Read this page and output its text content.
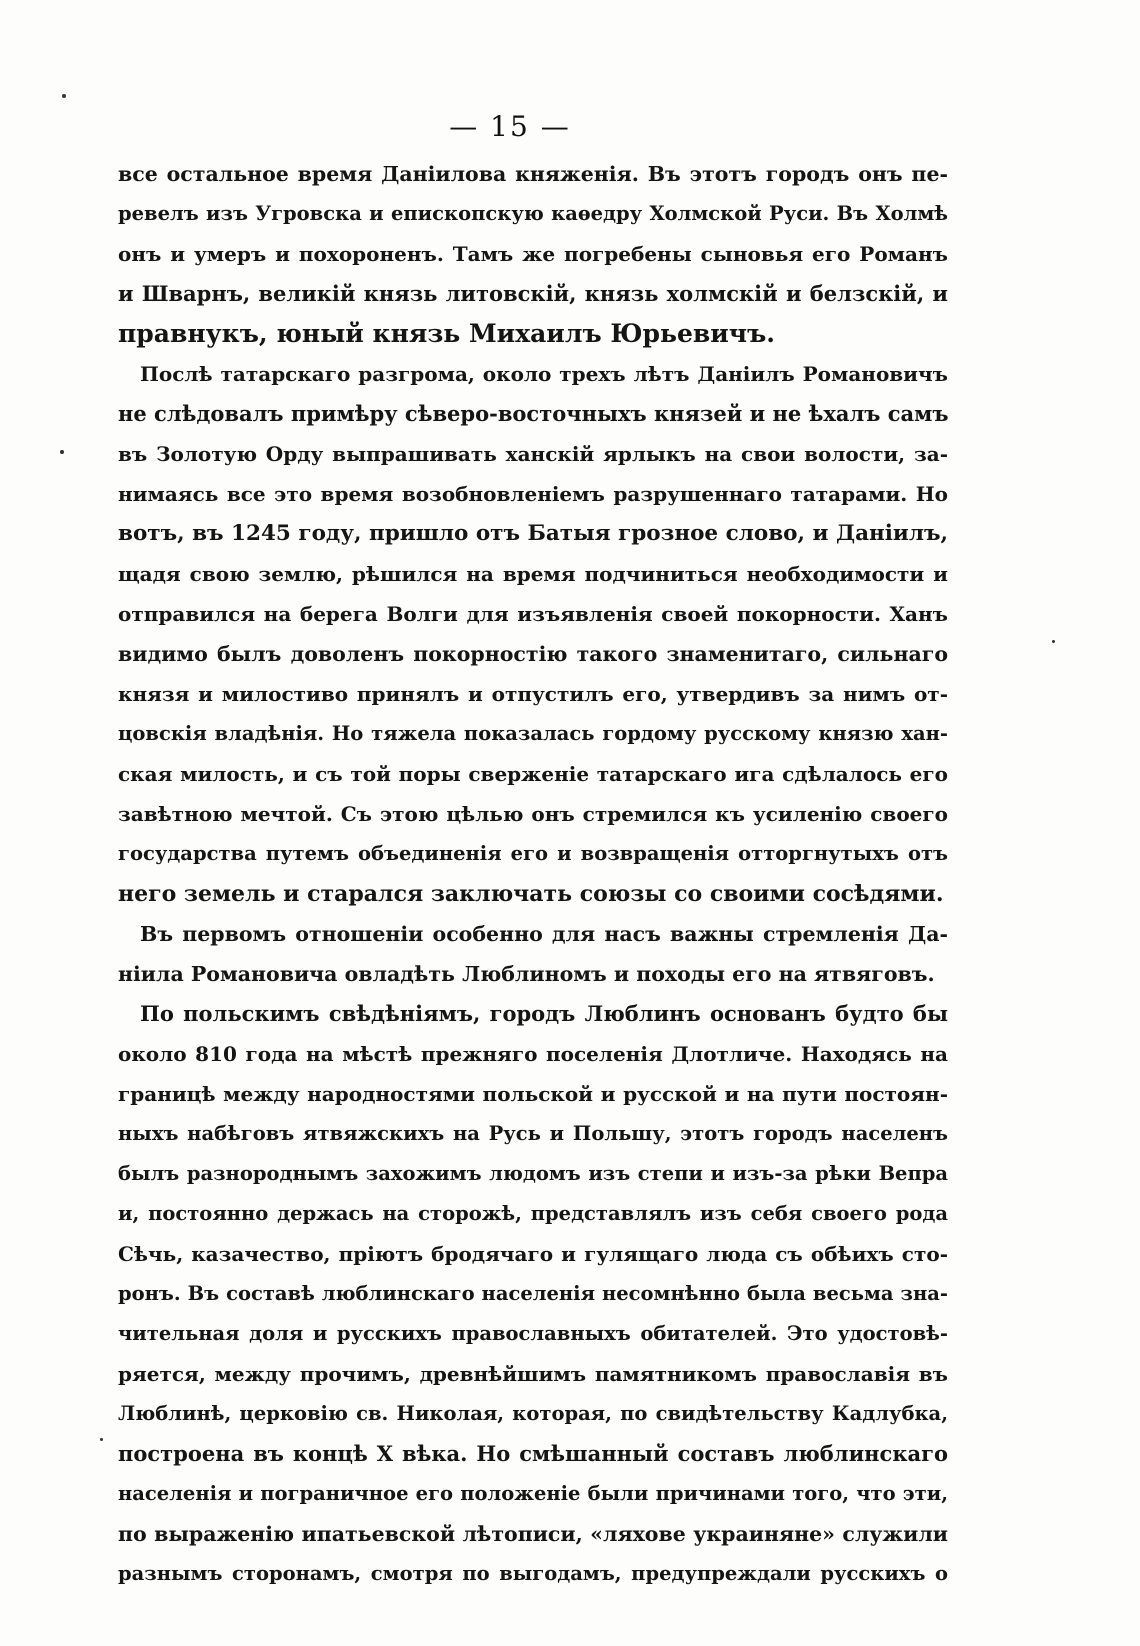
— 15 —
все остальное время Даніилова княженія. Въ этотъ городъ онъ пе-
ревелъ изъ Угровска и епископскую каѳедру Холмской Руси. Въ Холмѣ
онъ и умеръ и похороненъ. Тамъ же погребены сыновья его Романъ
и Шварнъ, великій князь литовскій, князь холмскій и белзскій, и
правнукъ, юный князь Михаилъ Юрьевичъ.
Послѣ татарскаго разгрома, около трехъ лѣтъ Даніилъ Романовичъ
не слѣдовалъ примѣру сѣверо-восточныхъ князей и не ѣхалъ самъ
въ Золотую Орду выпрашивать ханскій ярлыкъ на свои волости, за-
нимаясь все это время возобновленіемъ разрушеннаго татарами. Но
вотъ, въ 1245 году, пришло отъ Батыя грозное слово, и Даніилъ,
щадя свою землю, рѣшился на время подчиниться необходимости и
отправился на берега Волги для изъявленія своей покорности. Ханъ
видимо былъ доволенъ покорностію такого знаменитаго, сильнаго
князя и милостиво принялъ и отпустилъ его, утвердивъ за нимъ от-
цовскія владѣнія. Но тяжела показалась гордому русскому князю хан-
ская милость, и съ той поры сверженіе татарскаго ига сдѣлалось его
завѣтною мечтой. Съ этою цѣлью онъ стремился къ усиленію своего
государства путемъ объединенія его и возвращенія отторгнутыхъ отъ
него земель и старался заключать союзы со своими сосѣдями.
Въ первомъ отношеніи особенно для насъ важны стремленія Да-
ніила Романовича овладѣть Люблиномъ и походы его на ятвяговъ.
По польскимъ свѣдѣніямъ, городъ Люблинъ основанъ будто бы
около 810 года на мѣстѣ прежняго поселенія Длотличе. Находясь на
границѣ между народностями польской и русской и на пути постоян-
ныхъ набѣговъ ятвяжскихъ на Русь и Польшу, этотъ городъ населенъ
былъ разнороднымъ захожимъ людомъ изъ степи и изъ-за рѣки Вепра
и, постоянно держась на сторожѣ, представлялъ изъ себя своего рода
Сѣчь, казачество, пріютъ бродячаго и гулящаго люда съ обѣихъ сто-
ронъ. Въ составѣ люблинскаго населенія несомнѣнно была весьма зна-
чительная доля и русскихъ православныхъ обитателей. Это удостовѣ-
ряется, между прочимъ, древнѣйшимъ памятникомъ православія въ
Люблинѣ, церковію св. Николая, которая, по свидѣтельству Кадлубка,
построена въ концѣ X вѣка. Но смѣшанный составъ люблинскаго
населенія и пограничное его положеніе были причинами того, что эти,
по выраженію ипатьевской лѣтописи, «ляхове украиняне» служили
разнымъ сторонамъ, смотря по выгодамъ, предупреждали русскихъ о
